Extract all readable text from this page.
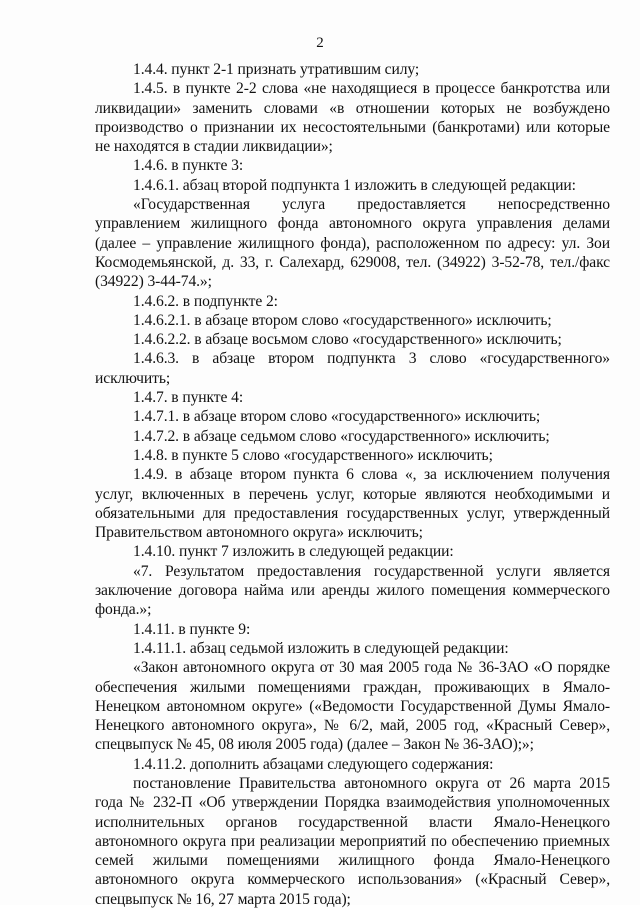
2

1.4.4. пункт 2-1 признать утратившим силу;

1.4.5. в пункте 2-2 слова «не находящиеся в процессе банкротства или ликвидации» заменить словами «в отношении которых не возбуждено производство о признании их несостоятельными (банкротами) или которые не находятся в стадии ликвидации»;

1.4.6. в пункте 3:

1.4.6.1. абзац второй подпункта 1 изложить в следующей редакции:

«Государственная услуга предоставляется непосредственно управлением жилищного фонда автономного округа управления делами (далее – управление жилищного фонда), расположенном по адресу: ул. Зои Космодемьянской, д. 33, г. Салехард, 629008, тел. (34922) 3-52-78, тел./факс (34922) 3-44-74.»;

1.4.6.2. в подпункте 2:

1.4.6.2.1. в абзаце втором слово «государственного» исключить;

1.4.6.2.2. в абзаце восьмом слово «государственного» исключить;

1.4.6.3. в абзаце втором подпункта 3 слово «государственного» исключить;

1.4.7. в пункте 4:

1.4.7.1. в абзаце втором слово «государственного» исключить;

1.4.7.2. в абзаце седьмом слово «государственного» исключить;

1.4.8. в пункте 5 слово «государственного» исключить;

1.4.9. в абзаце втором пункта 6 слова «, за исключением получения услуг, включенных в перечень услуг, которые являются необходимыми и обязательными для предоставления государственных услуг, утвержденный Правительством автономного округа» исключить;

1.4.10. пункт 7 изложить в следующей редакции:

«7. Результатом предоставления государственной услуги является заключение договора найма или аренды жилого помещения коммерческого фонда.»;

1.4.11. в пункте 9:

1.4.11.1. абзац седьмой изложить в следующей редакции:

«Закон автономного округа от 30 мая 2005 года № 36-ЗАО «О порядке обеспечения жилыми помещениями граждан, проживающих в Ямало-Ненецком автономном округе» («Ведомости Государственной Думы Ямало-Ненецкого автономного округа», № 6/2, май, 2005 год, «Красный Север», спецвыпуск № 45, 08 июля 2005 года) (далее – Закон № 36-ЗАО);»;

1.4.11.2. дополнить абзацами следующего содержания:

постановление Правительства автономного округа от 26 марта 2015 года № 232-П «Об утверждении Порядка взаимодействия уполномоченных исполнительных органов государственной власти Ямало-Ненецкого автономного округа при реализации мероприятий по обеспечению приемных семей жилыми помещениями жилищного фонда Ямало-Ненецкого автономного округа коммерческого использования» («Красный Север», спецвыпуск № 16, 27 марта 2015 года);
